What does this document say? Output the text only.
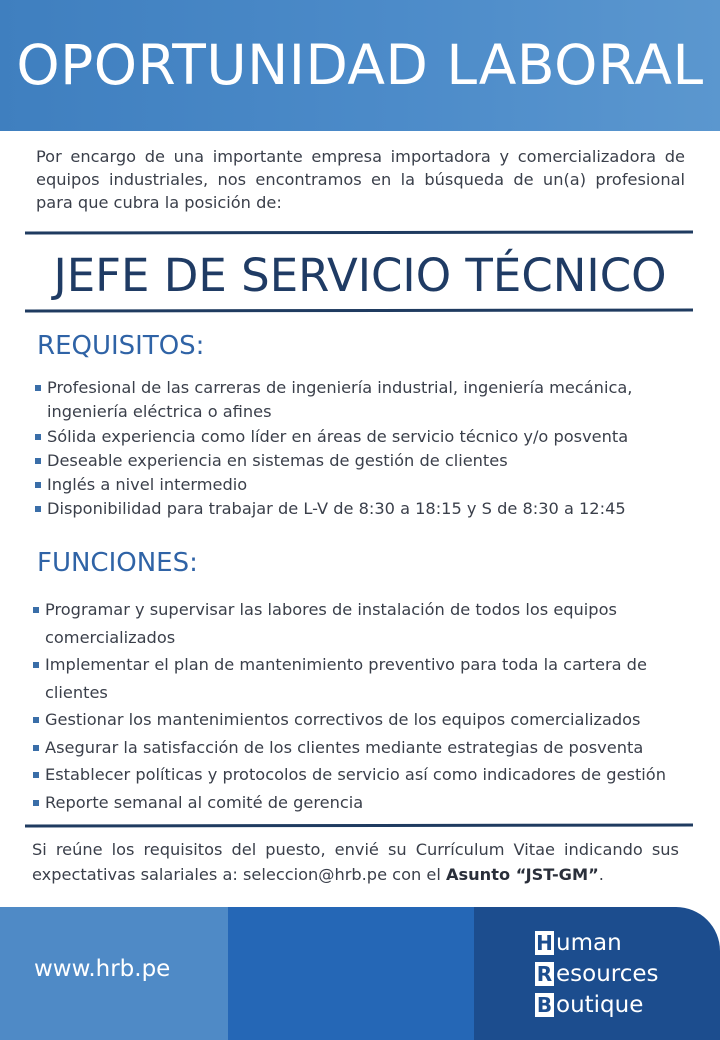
OPORTUNIDAD LABORAL

Por encargo de una importante empresa importadora y comercializadora de equipos industriales, nos encontramos en la búsqueda de un(a) profesional para que cubra la posición de:

JEFE DE SERVICIO TÉCNICO
REQUISITOS:
Profesional de las carreras de ingeniería industrial, ingeniería mecánica, ingeniería eléctrica o afines
Sólida experiencia como líder en áreas de servicio técnico y/o posventa
Deseable experiencia en sistemas de gestión de clientes
Inglés a nivel intermedio
Disponibilidad para trabajar de L-V de 8:30 a 18:15 y S de 8:30 a 12:45
FUNCIONES:
Programar y supervisar las labores de instalación de todos los equipos comercializados
Implementar el plan de mantenimiento preventivo para toda la cartera de clientes
Gestionar los mantenimientos correctivos de los equipos comercializados
Asegurar la satisfacción de los clientes mediante estrategias de posventa
Establecer políticas y protocolos de servicio así como indicadores de gestión
Reporte semanal al comité de gerencia

Si reúne los requisitos del puesto, envié su Currículum Vitae indicando sus expectativas salariales a: seleccion@hrb.pe con el Asunto “JST-GM”.

www.hrb.pe
H uman
R esources
B outique
